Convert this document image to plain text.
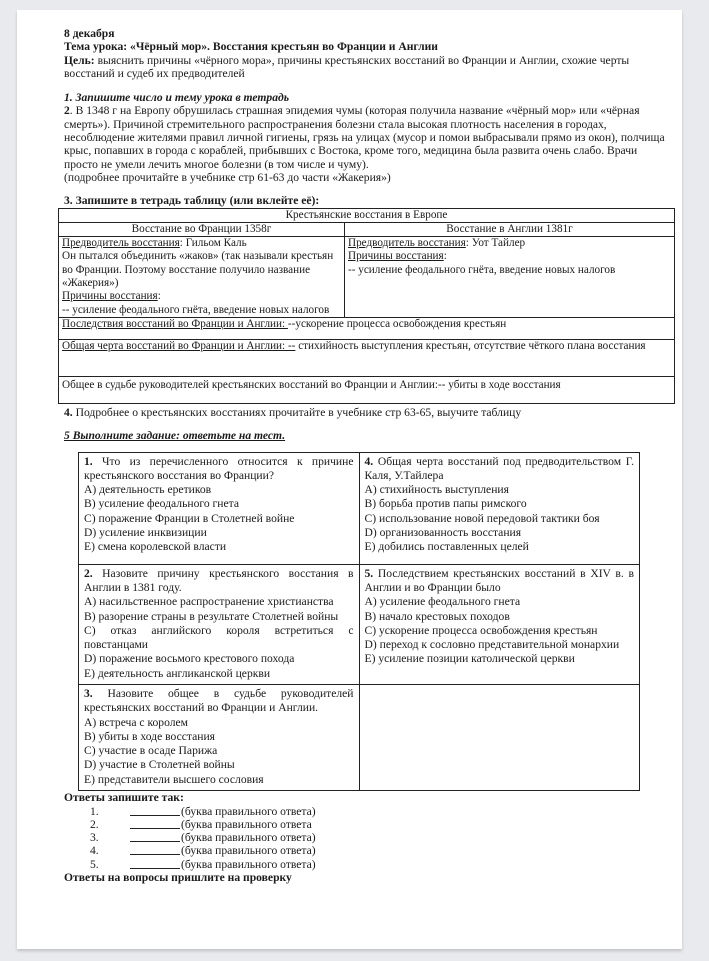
8 декабря

Тема урока: «Чёрный мор». Восстания крестьян во Франции и Англии

Цель: выяснить причины «чёрного мора», причины крестьянских восстаний во Франции и Англии, схожие черты восстаний и судеб их предводителей

1. Запишите число и тему урока в тетрадь

2. В 1348 г на Европу обрушилась страшная эпидемия чумы (которая получила название «чёрный мор» или «чёрная смерть»). Причиной стремительного распространения болезни стала высокая плотность населения в городах, несоблюдение жителями правил личной гигиены, грязь на улицах (мусор и помои выбрасывали прямо из окон), полчища крыс, попавших в города с кораблей, прибывших с Востока, кроме того, медицина была развита очень слабо. Врачи просто не умели лечить многое болезни (в том числе и чуму).

(подробнее прочитайте в учебнике стр 61-63 до части «Жакерия»)

3. Запишите в тетрадь таблицу (или вклейте её):

Крестьянские восстания в Европе	
Восстание во Франции 1358г	Восстание в Англии 1381г

Предводитель восстания: Гильом Каль
Он пытался объединить «жаков» (так называли крестьян во Франции. Поэтому восстание получило название «Жакерия»)
Причины восстания:
-- усиление феодального гнёта, введение новых налогов

Предводитель восстания: Уот Тайлер
Причины восстания:
-- усиление феодального гнёта, введение новых налогов

Последствия восстаний во Франции и Англии: --ускорение процесса освобождения крестьян	
Общая черта восстаний во Франции и Англии: -- стихийность выступления крестьян, отсутствие чёткого плана восстания	
Общее в судьбе руководителей крестьянских восстаний во Франции и Англии:-- убиты в ходе восстания	

4. Подробнее о крестьянских восстаниях прочитайте в учебнике стр 63-65, выучите таблицу

5 Выполните задание: ответьте на тест.

1. Что из перечисленного относится к причине крестьянского восстания во Франции?
A) деятельность еретиков
B) усиление феодального гнета
C) поражение Франции в Столетней войне
D) усиление инквизиции
E) смена королевской власти

4. Общая черта восстаний под предводительством Г. Каля, У.Тайлера
A) стихийность выступления
B) борьба против папы римского
C) использование новой передовой тактики боя
D) организованность восстания
E) добились поставленных целей

2. Назовите причину крестьянского восстания в Англии в 1381 году.
A) насильственное распространение христианства
B) разорение страны в результате Столетней войны
C) отказ английского короля встретиться с повстанцами
D) поражение восьмого крестового похода
E) деятельность англиканской церкви

5. Последствием крестьянских восстаний в XIV в. в Англии и во Франции было
A) усиление феодального гнета
B) начало крестовых походов
C) ускорение процесса освобождения крестьян
D) переход к сословно представительной монархии
E) усиление позиции католической церкви

3. Назовите общее в судьбе руководителей крестьянских восстаний во Франции и Англии.
A) встреча с королем
B) убиты в ходе восстания
C) участие в осаде Парижа
D) участие в Столетней войны
E) представители высшего сословия

Ответы запишите так:

1.	(буква правильного ответа)
2.	(буква правильного ответа
3.	(буква правильного ответа)
4.	(буква правильного ответа)
5.	(буква правильного ответа)

Ответы на вопросы пришлите на проверку
